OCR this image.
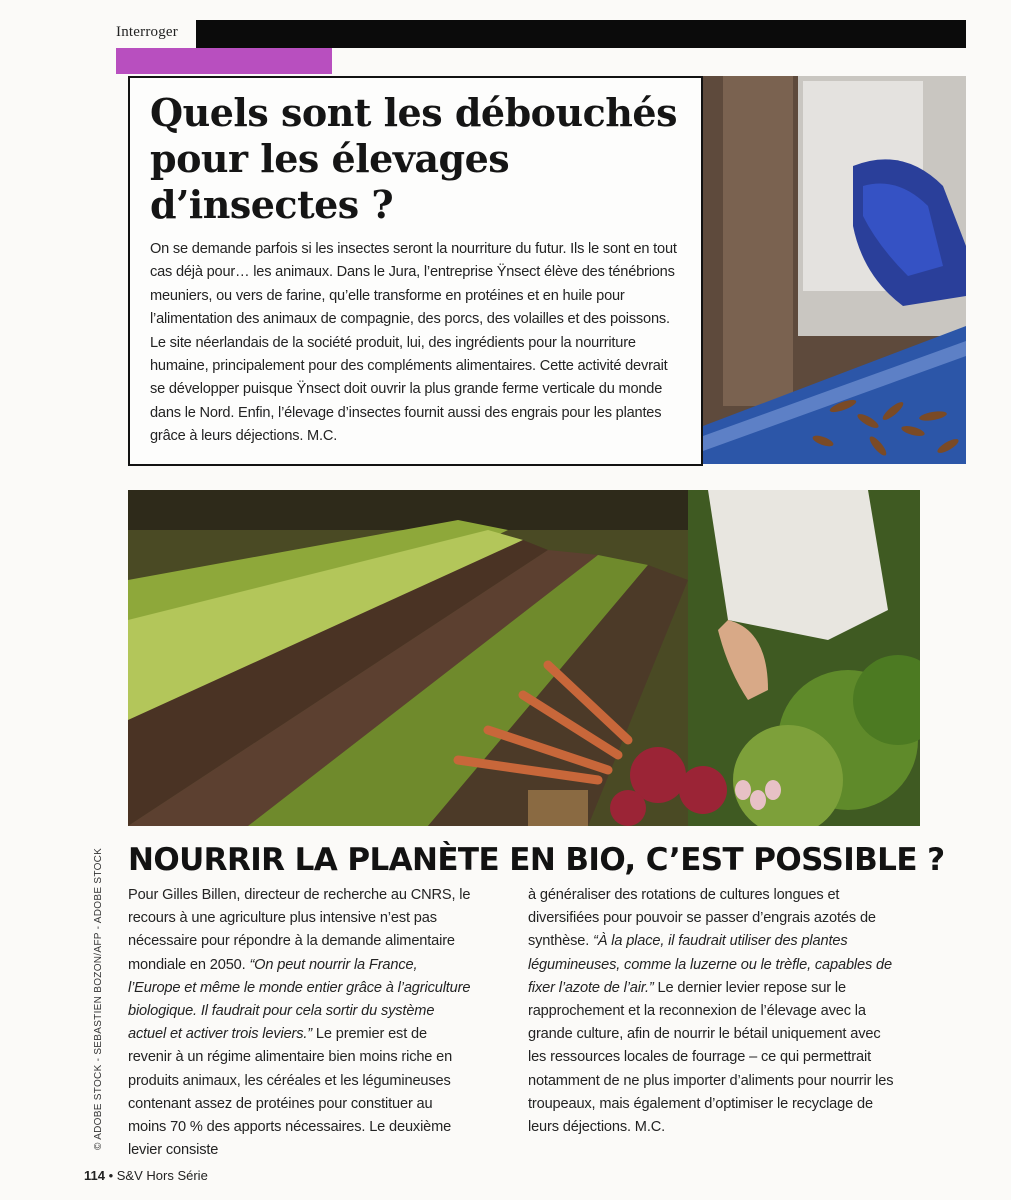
Interroger
Quels sont les débouchés pour les élevages d’insectes ?

On se demande parfois si les insectes seront la nourriture du futur. Ils le sont en tout cas déjà pour… les animaux. Dans le Jura, l’entreprise Ÿnsect élève des ténébrions meuniers, ou vers de farine, qu’elle transforme en protéines et en huile pour l’alimentation des animaux de compagnie, des porcs, des volailles et des poissons. Le site néerlandais de la société produit, lui, des ingrédients pour la nourriture humaine, principalement pour des compléments alimentaires. Cette activité devrait se développer puisque Ÿnsect doit ouvrir la plus grande ferme verticale du monde dans le Nord. Enfin, l’élevage d’insectes fournit aussi des engrais pour les plantes grâce à leurs déjections. M.C.

NOURRIR LA PLANÈTE EN BIO, C’EST POSSIBLE ?

Pour Gilles Billen, directeur de recherche au CNRS, le recours à une agriculture plus intensive n’est pas nécessaire pour répondre à la demande alimentaire mondiale en 2050. “On peut nourrir la France, l’Europe et même le monde entier grâce à l’agriculture biologique. Il faudrait pour cela sortir du système actuel et activer trois leviers.” Le premier est de revenir à un régime alimentaire bien moins riche en produits animaux, les céréales et les légumineuses contenant assez de protéines pour constituer au moins 70 % des apports nécessaires. Le deuxième levier consiste

à généraliser des rotations de cultures longues et diversifiées pour pouvoir se passer d’engrais azotés de synthèse. “À la place, il faudrait utiliser des plantes légumineuses, comme la luzerne ou le trèfle, capables de fixer l’azote de l’air.” Le dernier levier repose sur le rapprochement et la reconnexion de l’élevage avec la grande culture, afin de nourrir le bétail uniquement avec les ressources locales de fourrage – ce qui permettrait notamment de ne plus importer d’aliments pour nourrir les troupeaux, mais également d’optimiser le recyclage de leurs déjections. M.C.

© ADOBE STOCK - SEBASTIEN BOZON/AFP - ADOBE STOCK
114 • S&V Hors Série
